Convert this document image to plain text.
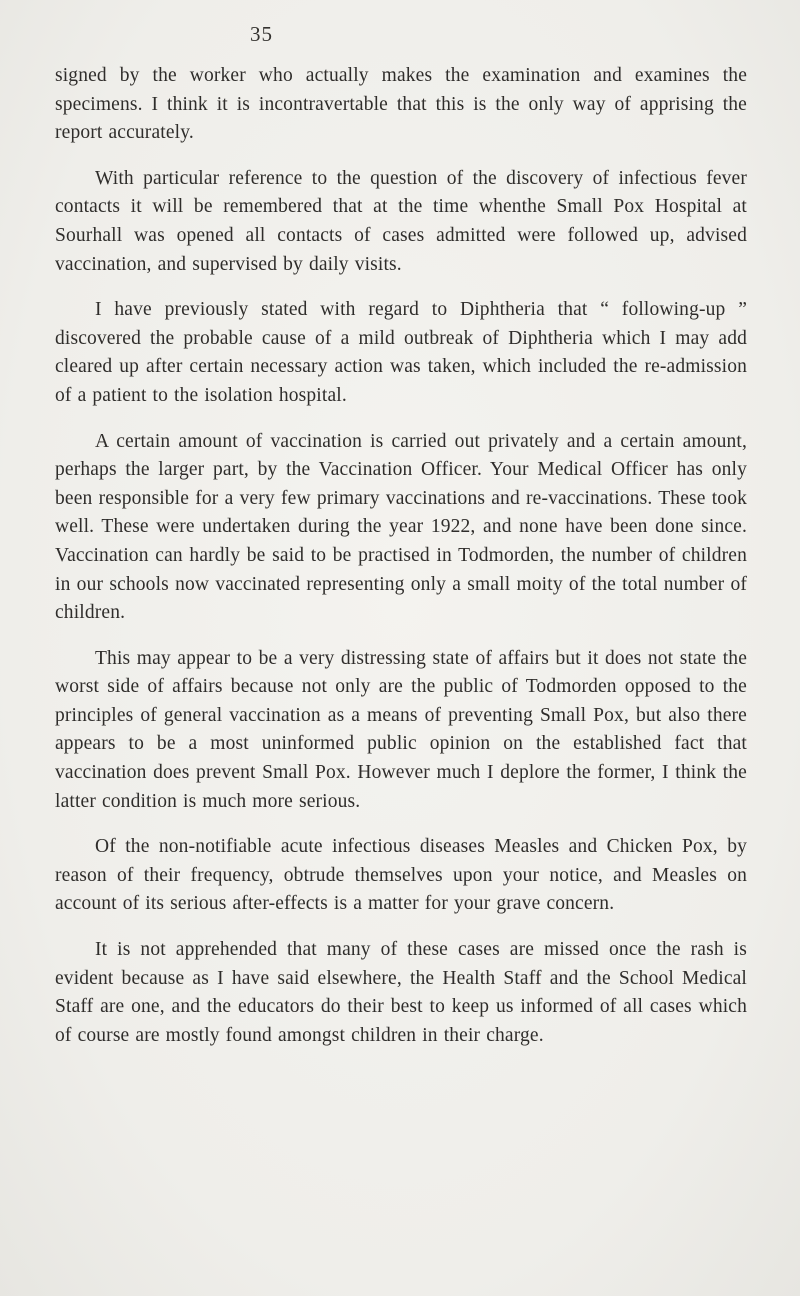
35

signed by the worker who actually makes the examination and examines the specimens. I think it is incontravertable that this is the only way of apprising the report accurately.

With particular reference to the question of the discovery of infectious fever contacts it will be remembered that at the time whenthe Small Pox Hospital at Sourhall was opened all contacts of cases admitted were followed up, advised vaccination, and supervised by daily visits.

I have previously stated with regard to Diphtheria that “ following-up ” discovered the probable cause of a mild outbreak of Diphtheria which I may add cleared up after certain necessary action was taken, which included the re-admission of a patient to the isolation hospital.

A certain amount of vaccination is carried out privately and a certain amount, perhaps the larger part, by the Vaccination Officer. Your Medical Officer has only been responsible for a very few primary vaccinations and re-vaccinations. These took well. These were undertaken during the year 1922, and none have been done since. Vaccination can hardly be said to be practised in Todmorden, the number of children in our schools now vaccinated representing only a small moity of the total number of children.

This may appear to be a very distressing state of affairs but it does not state the worst side of affairs because not only are the public of Todmorden opposed to the principles of general vaccination as a means of preventing Small Pox, but also there appears to be a most uninformed public opinion on the established fact that vaccination does prevent Small Pox. However much I deplore the former, I think the latter condition is much more serious.

Of the non-notifiable acute infectious diseases Measles and Chicken Pox, by reason of their frequency, obtrude themselves upon your notice, and Measles on account of its serious after-effects is a matter for your grave concern.

It is not apprehended that many of these cases are missed once the rash is evident because as I have said elsewhere, the Health Staff and the School Medical Staff are one, and the educators do their best to keep us informed of all cases which of course are mostly found amongst children in their charge.
